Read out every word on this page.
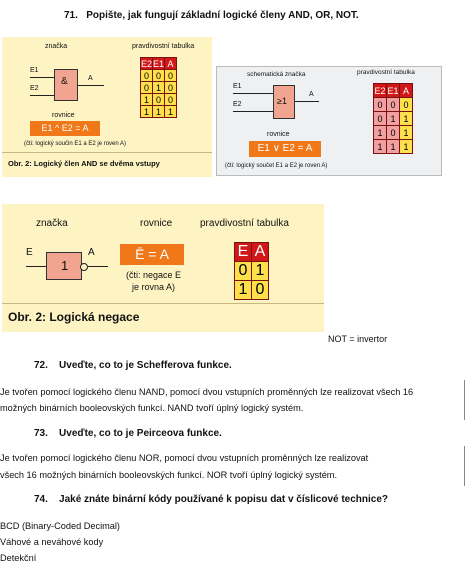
71. Popište, jak fungují základní logické členy AND, OR, NOT.
značka	pravdivostní tabulka
E1
E2
&	A
rovnice
E1 ^ E2 = A
(čti: logický součin E1 a E2 je roven A)
Obr. 2: Logický člen AND se dvěma vstupy
E2	E1	A
0	0	0
0	1	0
1	0	0
1	1	1
schematická značka	pravdivostní tabulka
E1
E2	≥1
A
rovnice
E1 ∨ E2 = A
(čti: logický součet E1 a E2 je roven A)
E2	E1	A
0	0	0
0	1	1
1	0	1
1	1	1
značka	rovnice	pravdivostní tabulka
E	A
1
Ē = A
(čti: negace E
je rovna A)
E	A
0	1
1	0
Obr. 2: Logická negace
NOT = invertor
72. Uveďte, co to je Schefferova funkce.
Je tvořen pomocí logického členu NAND, pomocí dvou vstupních proměnných lze realizovat všech 16
možných binárních booleovských funkcí. NAND tvoří úplný logický systém.
73. Uveďte, co to je Peirceova funkce.
Je tvořen pomocí logického členu NOR, pomocí dvou vstupních proměnných lze realizovat
všech 16 možných binárních booleovských funkcí. NOR tvoří úplný logický systém.
74. Jaké znáte binární kódy používané k popisu dat v číslicové technice?
BCD (Binary-Coded Decimal)
Váhové a neváhové kody
Detekční
